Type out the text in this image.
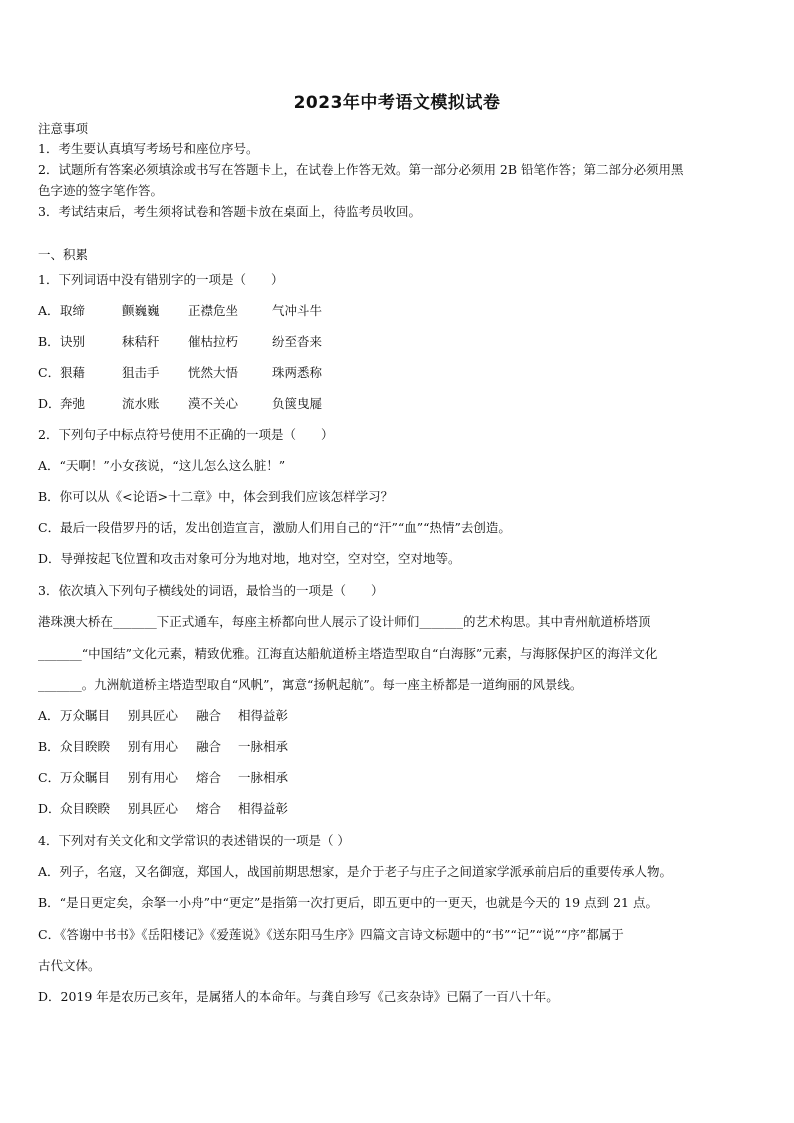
2023年中考语文模拟试卷
注意事项
1．考生要认真填写考场号和座位序号。
2．试题所有答案必须填涂或书写在答题卡上，在试卷上作答无效。第一部分必须用 2B 铅笔作答；第二部分必须用黑
色字迹的签字笔作答。
3．考试结束后，考生须将试卷和答题卡放在桌面上，待监考员收回。
一、积累
1．下列词语中没有错别字的一项是（　　）
A．取缔	颤巍巍 正襟危坐	气冲斗牛
B．诀别	秣秸秆 催枯拉朽	纷至沓来
C．狠藉	狙击手 恍然大悟	珠两悉称
D．奔弛	流水账 漠不关心	负箧曳屣
2．下列句子中标点符号使用不正确的一项是（　　）
A．“天啊！”小女孩说，“这儿怎么这么脏！”
B．你可以从《<论语>十二章》中，体会到我们应该怎样学习？
C．最后一段借罗丹的话，发出创造宣言，激励人们用自己的“汗”“血”“热情”去创造。
D．导弹按起飞位置和攻击对象可分为地对地，地对空，空对空，空对地等。
3．依次填入下列句子横线处的词语，最恰当的一项是（　　）
港珠澳大桥在_______下正式通车，每座主桥都向世人展示了设计师们_______的艺术构思。其中青州航道桥塔顶
_______“中国结”文化元素，精致优雅。江海直达船航道桥主塔造型取自“白海豚”元素，与海豚保护区的海洋文化
_______。九洲航道桥主塔造型取自“风帆”，寓意“扬帆起航”。每一座主桥都是一道绚丽的风景线。
A．万众瞩目 别具匠心 融合 相得益彰
B．众目睽睽 别有用心 融合 一脉相承
C．万众瞩目 别有用心 熔合 一脉相承
D．众目睽睽 别具匠心 熔合 相得益彰
4．下列对有关文化和文学常识的表述错误的一项是（ ）
A．列子，名寇，又名御寇，郑国人，战国前期思想家，是介于老子与庄子之间道家学派承前启后的重要传承人物。
B．“是日更定矣，余拏一小舟”中“更定”是指第一次打更后，即五更中的一更天，也就是今天的 19 点到 21 点。
C．《答谢中书书》《岳阳楼记》《爱莲说》《送东阳马生序》四篇文言诗文标题中的“书”“记”“说”“序”都属于
古代文体。
D．2019 年是农历己亥年，是属猪人的本命年。与龚自珍写《己亥杂诗》已隔了一百八十年。
